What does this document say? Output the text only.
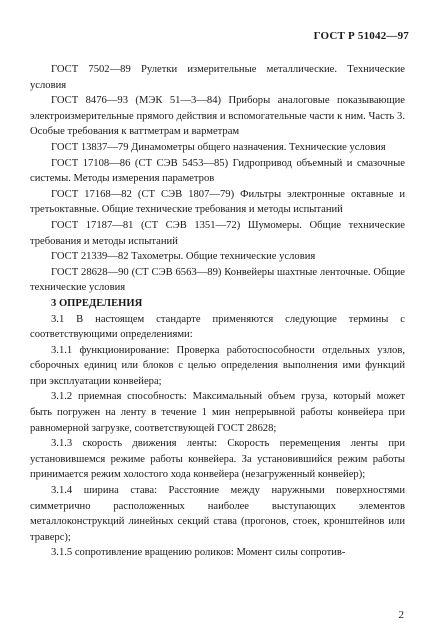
ГОСТ Р 51042—97

ГОСТ 7502—89 Рулетки измерительные металлические. Технические условия

ГОСТ 8476—93 (МЭК 51—3—84) Приборы аналоговые показывающие электроизмерительные прямого действия и вспомогательные части к ним. Часть 3. Особые требования к ваттметрам и варметрам

ГОСТ 13837—79 Динамометры общего назначения. Технические условия

ГОСТ 17108—86 (СТ СЭВ 5453—85) Гидропривод объемный и смазочные системы. Методы измерения параметров

ГОСТ 17168—82 (СТ СЭВ 1807—79) Фильтры электронные октавные и третьоктавные. Общие технические требования и методы испытаний

ГОСТ 17187—81 (СТ СЭВ 1351—72) Шумомеры. Общие технические требования и методы испытаний

ГОСТ 21339—82 Тахометры. Общие технические условия

ГОСТ 28628—90 (СТ СЭВ 6563—89) Конвейеры шахтные ленточные. Общие технические условия

3 ОПРЕДЕЛЕНИЯ

3.1 В настоящем стандарте применяются следующие термины с соответствующими определениями:

3.1.1 функционирование: Проверка работоспособности отдельных узлов, сборочных единиц или блоков с целью определения выполнения ими функций при эксплуатации конвейера;

3.1.2 приемная способность: Максимальный объем груза, который может быть погружен на ленту в течение 1 мин непрерывной работы конвейера при равномерной загрузке, соответствующей ГОСТ 28628;

3.1.3 скорость движения ленты: Скорость перемещения ленты при установившемся режиме работы конвейера. За установившийся режим работы принимается режим холостого хода конвейера (незагруженный конвейер);

3.1.4 ширина става: Расстояние между наружными поверхностями симметрично расположенных наиболее выступающих элементов металлоконструкций линейных секций става (прогонов, стоек, кронштейнов или траверс);

3.1.5 сопротивление вращению роликов: Момент силы сопротив-

2
